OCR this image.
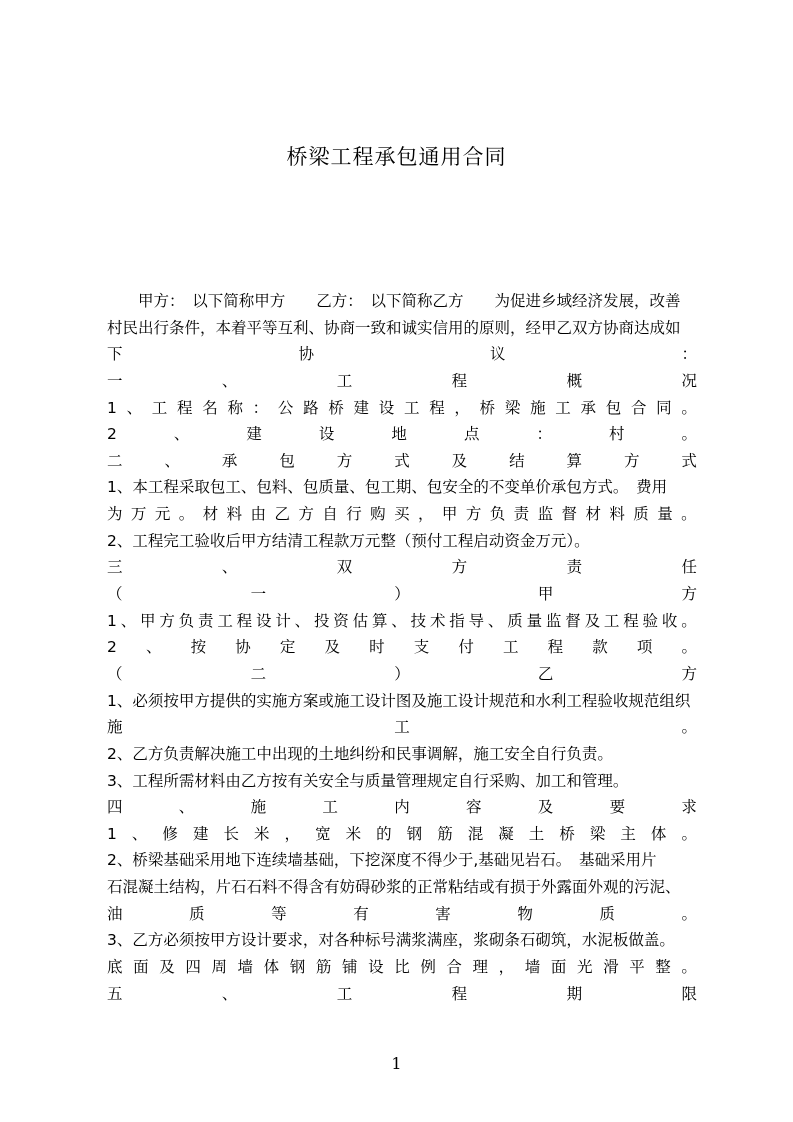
桥梁工程承包通用合同
　　甲方：　以下简称甲方　　乙方：　以下简称乙方　　为促进乡域经济发展，改善
村民出行条件，本着平等互利、协商一致和诚实信用的原则，经甲乙双方协商达成如
下	协	议	：
一	、	工	程	概	况
1 、 工 程 名 称 ： 公 路 桥 建 设 工 程 ， 桥 梁 施 工 承 包 合 同 。
2	、	建	设	地	点	：	村	。
二	、	承	包	方	式	及	结	算	方	式
1、本工程采取包工、包料、包质量、包工期、包安全的不变单价承包方式。　费用
为 万 元 。 材 料 由 乙 方 自 行 购 买 ， 甲 方 负 责 监 督 材 料 质 量 。
2、工程完工验收后甲方结清工程款万元整（预付工程启动资金万元）。
三	、	双	方	责	任
（	一	）	甲	方
1 、 甲 方 负 责 工 程 设 计 、 投 资 估 算 、 技 术 指 导 、 质 量 监 督 及 工 程 验 收 。
2 、 按 协 定 及 时 支 付 工 程 款 项 。
（	二	）	乙	方
1、必须按甲方提供的实施方案或施工设计图及施工设计规范和水利工程验收规范组织
施	工	。
2、乙方负责解决施工中出现的土地纠纷和民事调解，施工安全自行负责。
3、工程所需材料由乙方按有关安全与质量管理规定自行采购、加工和管理。
四	、	施	工	内	容	及	要	求
1 、 修 建 长 米 ， 宽 米 的 钢 筋 混 凝 土 桥 梁 主 体 。
2、桥梁基础采用地下连续墙基础，下挖深度不得少于,基础见岩石。　基础采用片
石混凝土结构，片石石料不得含有妨碍砂浆的正常粘结或有损于外露面外观的污泥、
油	质	等	有	害	物	质	。
3、乙方必须按甲方设计要求，对各种标号满浆满座，浆砌条石砌筑，水泥板做盖。
底 面 及 四 周 墙 体 钢 筋 铺 设 比 例 合 理 ， 墙 面 光 滑 平 整 。
五	、	工	程	期	限
1
